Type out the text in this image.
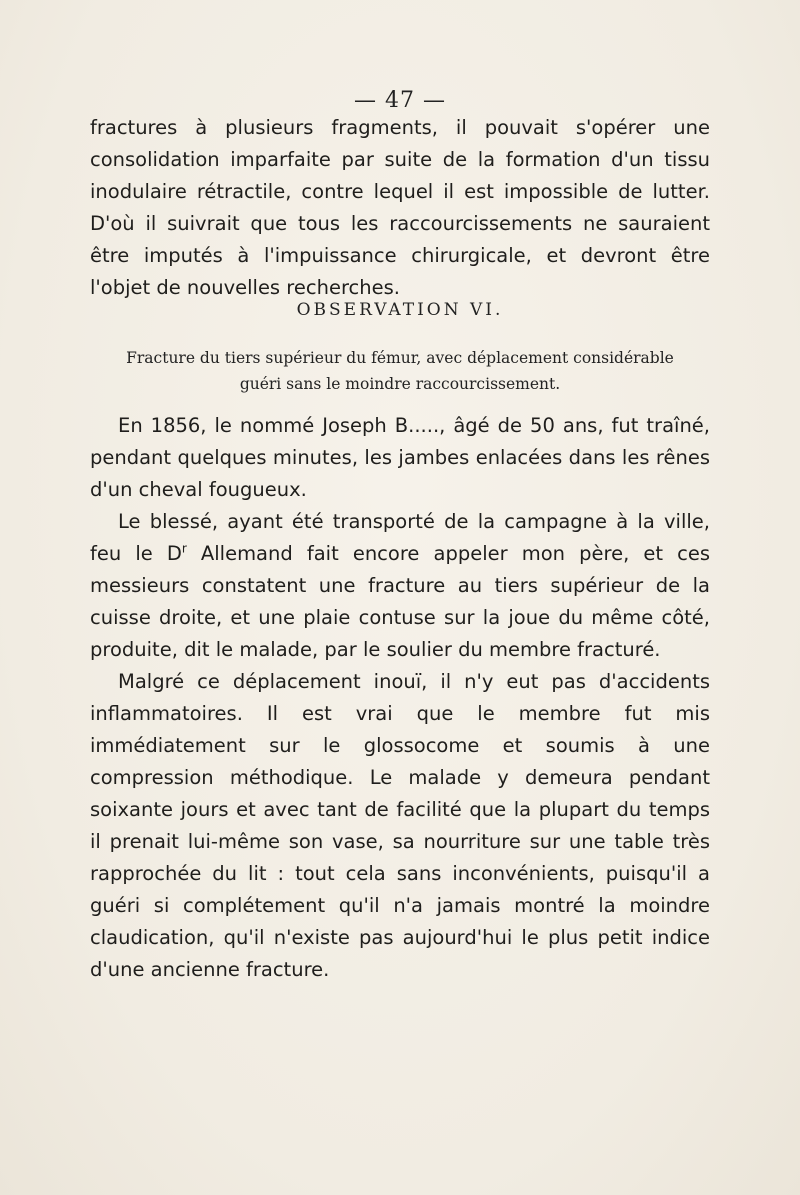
— 47 —

fractures à plusieurs fragments, il pouvait s'opérer une consolidation imparfaite par suite de la formation d'un tissu inodulaire rétractile, contre lequel il est impossible de lutter. D'où il suivrait que tous les raccourcissements ne sauraient être imputés à l'impuissance chirurgicale, et devront être l'objet de nouvelles recherches.

OBSERVATION VI.
Fracture du tiers supérieur du fémur, avec déplacement considérable guéri sans le moindre raccourcissement.

En 1856, le nommé Joseph B....., âgé de 50 ans, fut traîné, pendant quelques minutes, les jambes enlacées dans les rênes d'un cheval fougueux.

Le blessé, ayant été transporté de la campagne à la ville, feu le $D^r$ Allemand fait encore appeler mon père, et ces messieurs constatent une fracture au tiers supérieur de la cuisse droite, et une plaie contuse sur la joue du même côté, produite, dit le malade, par le soulier du membre fracturé.

Malgré ce déplacement inouï, il n'y eut pas d'accidents inflammatoires. Il est vrai que le membre fut mis immédiatement sur le glossocome et soumis à une compression méthodique. Le malade y demeura pendant soixante jours et avec tant de facilité que la plupart du temps il prenait lui-même son vase, sa nourriture sur une table très rapprochée du lit : tout cela sans inconvénients, puisqu'il a guéri si complétement qu'il n'a jamais montré la moindre claudication, qu'il n'existe pas aujourd'hui le plus petit indice d'une ancienne fracture.
